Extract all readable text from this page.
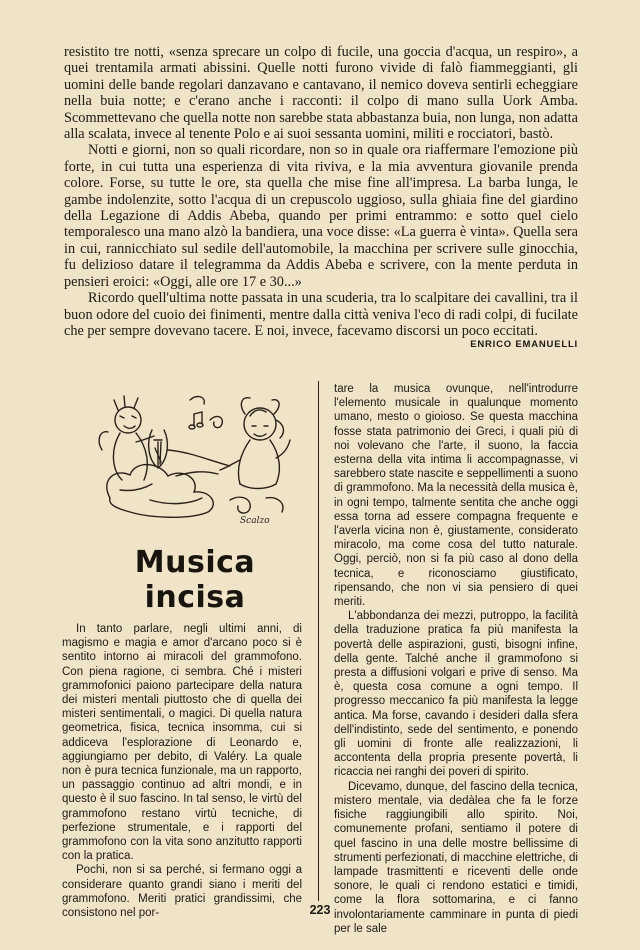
resistito tre notti, «senza sprecare un colpo di fucile, una goccia d'acqua, un respiro», a quei trentamila armati abissini. Quelle notti furono vivide di falò fiammeggianti, gli uomini delle bande regolari danzavano e cantavano, il nemico doveva sentirli echeggiare nella buia notte; e c'erano anche i racconti: il colpo di mano sulla Uork Amba. Scommettevano che quella notte non sarebbe stata abbastanza buia, non lunga, non adatta alla scalata, invece al tenente Polo e ai suoi sessanta uomini, militi e rocciatori, bastò.

Notti e giorni, non so quali ricordare, non so in quale ora riaffermare l'emozione più forte, in cui tutta una esperienza di vita riviva, e la mia avventura giovanile prenda colore. Forse, su tutte le ore, sta quella che mise fine all'impresa. La barba lunga, le gambe indolenzite, sotto l'acqua di un crepuscolo uggioso, sulla ghiaia fine del giardino della Legazione di Addis Abeba, quando per primi entrammo: e sotto quel cielo temporalesco una mano alzò la bandiera, una voce disse: «La guerra è vinta». Quella sera in cui, rannicchiato sul sedile dell'automobile, la macchina per scrivere sulle ginocchia, fu delizioso datare il telegramma da Addis Abeba e scrivere, con la mente perduta in pensieri eroici: «Oggi, alle ore 17 e 30...»

Ricordo quell'ultima notte passata in una scuderia, tra lo scalpitare dei cavallini, tra il buon odore del cuoio dei finimenti, mentre dalla città veniva l'eco di radi colpi, di fucilate che per sempre dovevano tacere. E noi, invece, facevamo discorsi un poco eccitati.

ENRICO EMANUELLI
Scalzo
Musica incisa

In tanto parlare, negli ultimi anni, di magismo e magia e amor d'arcano poco si è sentito intorno ai miracoli del grammofono. Con piena ragione, ci sembra. Ché i misteri grammofonici paiono partecipare della natura dei misteri mentali piuttosto che di quella dei misteri sentimentali, o magici. Di quella natura geometrica, fisica, tecnica insomma, cui si addiceva l'esplorazione di Leonardo e, aggiungiamo per debito, di Valéry. La quale non è pura tecnica funzionale, ma un rapporto, un passaggio continuo ad altri mondi, e in questo è il suo fascino. In tal senso, le virtù del grammofono restano virtù tecniche, di perfezione strumentale, e i rapporti del grammofono con la vita sono anzitutto rapporti con la pratica.

Pochi, non si sa perché, si fermano oggi a considerare quanto grandi siano i meriti del grammofono. Meriti pratici grandissimi, che consistono nel por-

tare la musica ovunque, nell'introdurre l'elemento musicale in qualunque momento umano, mesto o gioioso. Se questa macchina fosse stata patrimonio dei Greci, i quali più di noi volevano che l'arte, il suono, la faccia esterna della vita intima li accompagnasse, vi sarebbero state nascite e seppellimenti a suono di grammofono. Ma la necessità della musica è, in ogni tempo, talmente sentita che anche oggi essa torna ad essere compagna frequente e l'averla vicina non è, giustamente, considerato miracolo, ma come cosa del tutto naturale. Oggi, perciò, non si fa più caso al dono della tecnica, e riconosciamo giustificato, ripensando, che non vi sia pensiero di quei meriti.

L'abbondanza dei mezzi, putroppo, la facilità della traduzione pratica fa più manifesta la povertà delle aspirazioni, gusti, bisogni infine, della gente. Talché anche il grammofono si presta a diffusioni volgari e prive di senso. Ma è, questa cosa comune a ogni tempo. Il progresso meccanico fa più manifesta la legge antica. Ma forse, cavando i desideri dalla sfera dell'indistinto, sede del sentimento, e ponendo gli uomini di fronte alle realizzazioni, li accontenta della propria presente povertà, li ricaccia nei ranghi dei poveri di spirito.

Dicevamo, dunque, del fascino della tecnica, mistero mentale, via dedàlea che fa le forze fisiche raggiungibili allo spirito. Noi, comunemente profani, sentiamo il potere di quel fascino in una delle mostre bellissime di strumenti perfezionati, di macchine elettriche, di lampade trasmittenti e riceventi delle onde sonore, le quali ci rendono estatici e timidi, come la flora sottomarina, e ci fanno involontariamente camminare in punta di piedi per le sale

223
